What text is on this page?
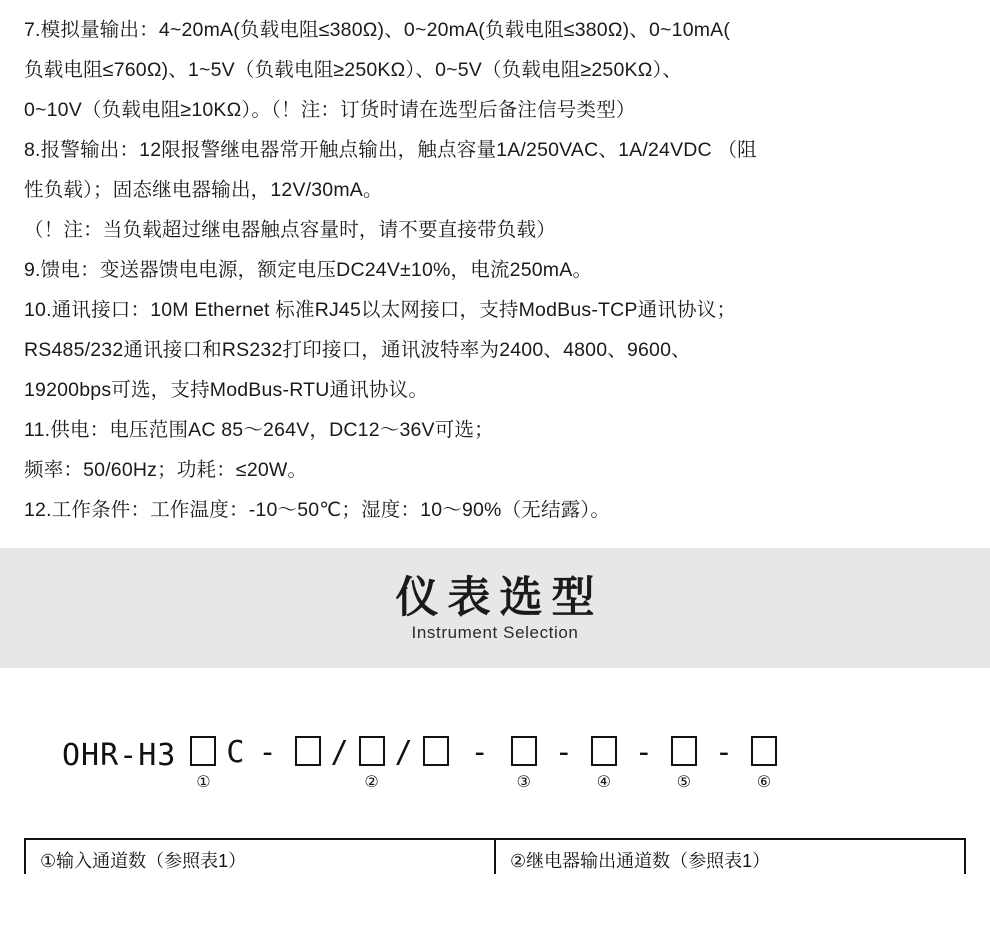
7.模拟量输出：4~20mA(负载电阻≤380Ω)、0~20mA(负载电阻≤380Ω)、0~10mA(
负载电阻≤760Ω)、1~5V（负载电阻≥250KΩ）、0~5V（负载电阻≥250KΩ）、
0~10V（负载电阻≥10KΩ）。（！注：订货时请在选型后备注信号类型）
8.报警输出：12限报警继电器常开触点输出，触点容量1A/250VAC、1A/24VDC （阻
性负载）；固态继电器输出，12V/30mA。
（！注：当负载超过继电器触点容量时，请不要直接带负载）
9.馈电：变送器馈电电源，额定电压DC24V±10%，电流250mA。
10.通讯接口：10M Ethernet 标准RJ45以太网接口，支持ModBus-TCP通讯协议；
RS485/232通讯接口和RS232打印接口，通讯波特率为2400、4800、9600、
19200bps可选，支持ModBus-RTU通讯协议。
11.供电：电压范围AC 85～264V，DC12～36V可选；
频率：50/60Hz；功耗：≤20W。
12.工作条件：工作温度：-10～50℃；湿度：10～90%（无结露）。
仪表选型
Instrument Selection
OHR-H3
①
C -	/
②
/	-
③
-
④
-
⑤
-
⑥
①输入通道数（参照表1）	②继电器输出通道数（参照表1）
